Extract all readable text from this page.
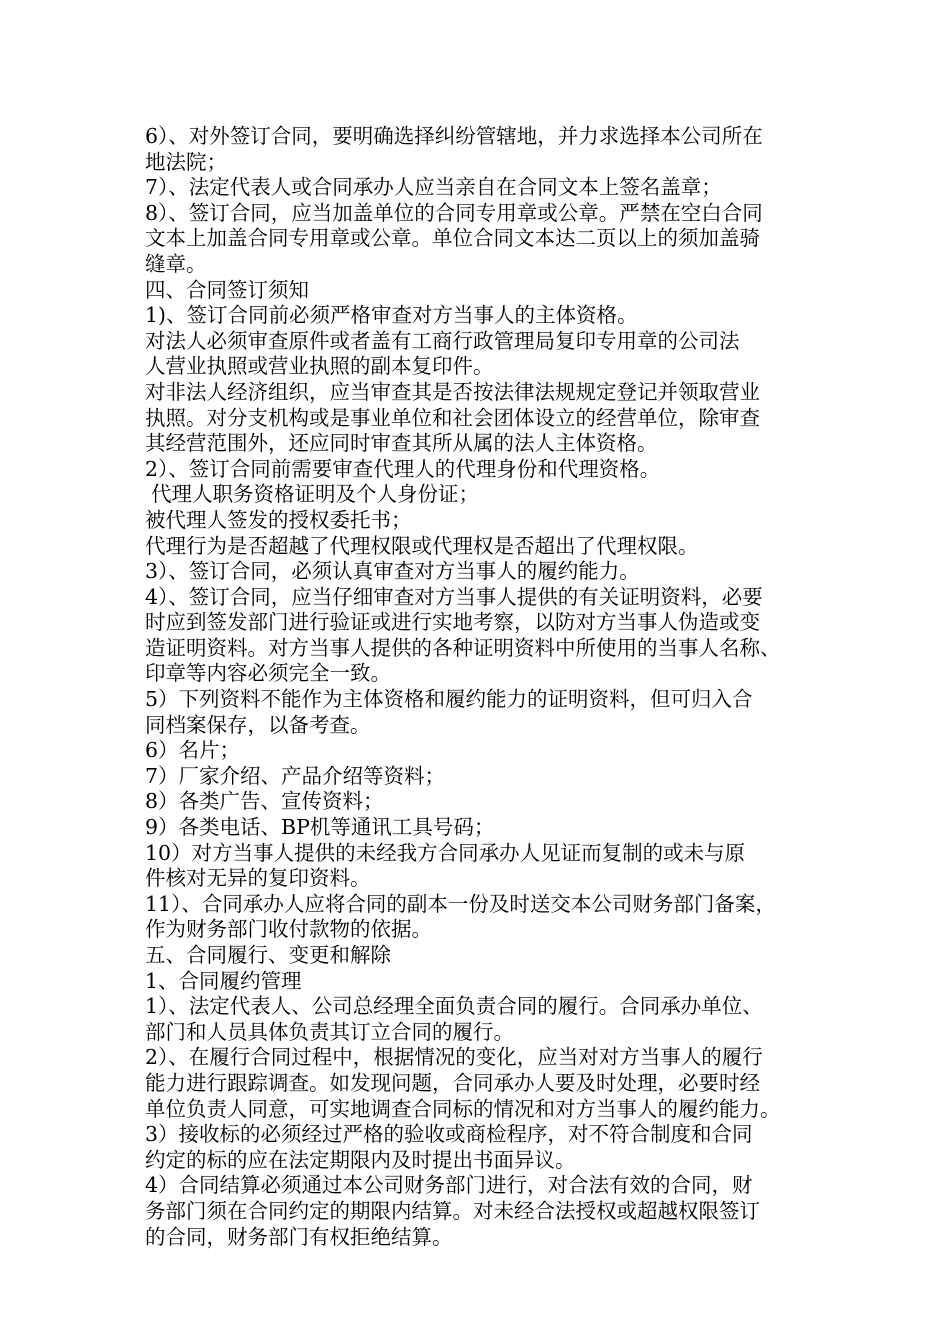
6）、对外签订合同，要明确选择纠纷管辖地，并力求选择本公司所在
地法院；
7）、法定代表人或合同承办人应当亲自在合同文本上签名盖章；
8）、签订合同，应当加盖单位的合同专用章或公章。严禁在空白合同
文本上加盖合同专用章或公章。单位合同文本达二页以上的须加盖骑
缝章。
四、合同签订须知
1)、签订合同前必须严格审查对方当事人的主体资格。
对法人必须审查原件或者盖有工商行政管理局复印专用章的公司法
人营业执照或营业执照的副本复印件。
对非法人经济组织，应当审查其是否按法律法规规定登记并领取营业
执照。对分支机构或是事业单位和社会团体设立的经营单位，除审查
其经营范围外，还应同时审查其所从属的法人主体资格。
2）、签订合同前需要审查代理人的代理身份和代理资格。
代理人职务资格证明及个人身份证；
被代理人签发的授权委托书；
代理行为是否超越了代理权限或代理权是否超出了代理权限。
3）、签订合同，必须认真审查对方当事人的履约能力。
4）、签订合同，应当仔细审查对方当事人提供的有关证明资料，必要
时应到签发部门进行验证或进行实地考察，以防对方当事人伪造或变
造证明资料。对方当事人提供的各种证明资料中所使用的当事人名称、
印章等内容必须完全一致。
5）下列资料不能作为主体资格和履约能力的证明资料，但可归入合
同档案保存，以备考查。
6）名片；
7）厂家介绍、产品介绍等资料；
8）各类广告、宣传资料；
9）各类电话、BP机等通讯工具号码；
10）对方当事人提供的未经我方合同承办人见证而复制的或未与原
件核对无异的复印资料。
11）、合同承办人应将合同的副本一份及时送交本公司财务部门备案，
作为财务部门收付款物的依据。
五、合同履行、变更和解除
1、合同履约管理
1）、法定代表人、公司总经理全面负责合同的履行。合同承办单位、
部门和人员具体负责其订立合同的履行。
2）、在履行合同过程中，根据情况的变化，应当对对方当事人的履行
能力进行跟踪调查。如发现问题，合同承办人要及时处理，必要时经
单位负责人同意，可实地调查合同标的情况和对方当事人的履约能力。
3）接收标的必须经过严格的验收或商检程序，对不符合制度和合同
约定的标的应在法定期限内及时提出书面异议。
4）合同结算必须通过本公司财务部门进行，对合法有效的合同，财
务部门须在合同约定的期限内结算。对未经合法授权或超越权限签订
的合同，财务部门有权拒绝结算。
